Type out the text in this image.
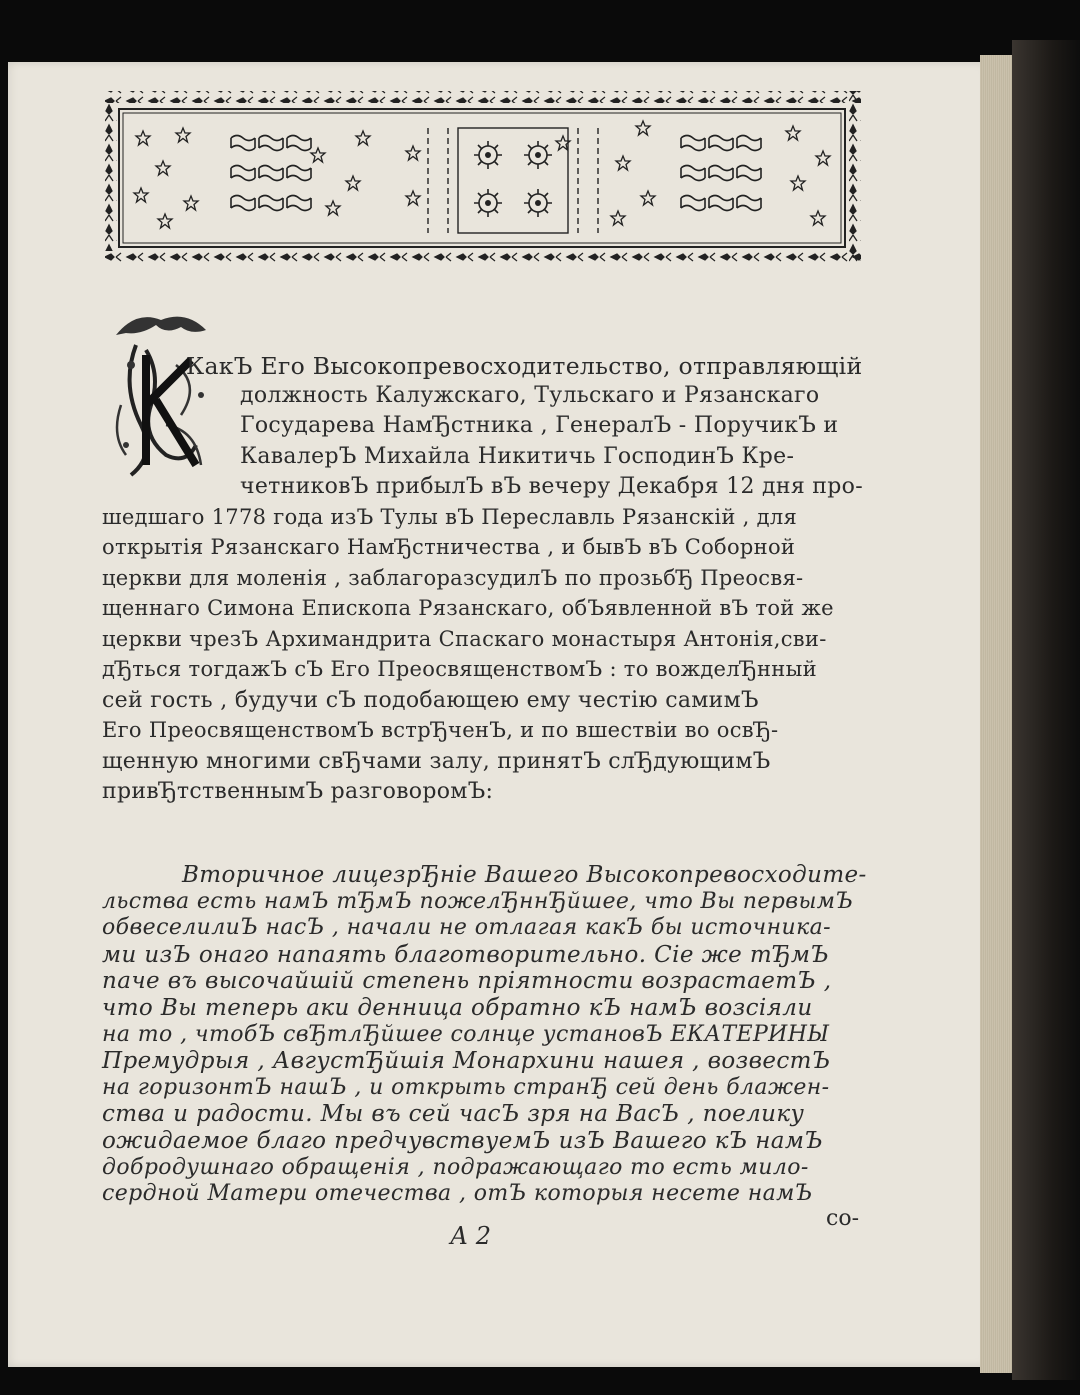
КакЪ Его Высокопревосходительство, отправляющій
должность Калужскаго, Тульскаго и Рязанскаго
Государева НамЂстника , ГенералЪ - ПоручикЪ и
КавалерЪ Михайла Никитичь ГосподинЪ Кре-
четниковЪ прибылЪ вЪ вечеру Декабря 12 дня про-
шедшаго 1778 года изЪ Тулы вЪ Переславль Рязанскій , для
открытія Рязанскаго НамЂстничества , и бывЪ вЪ Соборной
церкви для моленія , заблагоразсудилЪ по прозьбЂ Преосвя-
щеннаго Симона Епископа Рязанскаго, обЪявленной вЪ той же
церкви чрезЪ Архимандрита Спаскаго монастыря Антонія,сви-
дЂться тогдажЪ сЪ Его ПреосвященствомЪ : то вожделЂнный
сей гость , будучи сЪ подобающею ему честію самимЪ
Его ПреосвященствомЪ встрЂченЪ, и по вшествіи во освЂ-
щенную многими свЂчами залу, принятЪ слЂдующимЪ
привЂтственнымЪ разговоромЪ:
Вторичное лицезрЂніе Вашего Высокопревосходите-
льства есть намЪ тЂмЪ пожелЂннЂйшее, что Вы первымЪ
обвеселилиЪ насЪ , начали не отлагая какЪ бы источника-
ми изЪ онаго напаять благотворительно. Сіе же тЂмЪ
паче въ высочайшій степень пріятности возрастаетЪ ,
что Вы теперь аки денница обратно кЪ намЪ возсіяли
на то , чтобЪ свЂтлЂйшее солнце установЪ ЕКАТЕРИНЫ
Премудрыя , АвгустЂйшія Монархини нашея , возвестЪ
на горизонтЪ нашЪ , и открыть странЂ сей день блажен-
ства и радости. Мы въ сей часЪ зря на ВасЪ , поелику
ожидаемое благо предчувствуемЪ изЪ Вашего кЪ намЪ
добродушнаго обращенія , подражающаго то есть мило-
сердной Матери отечества , отЪ которыя несете намЪ
А 2
со-
